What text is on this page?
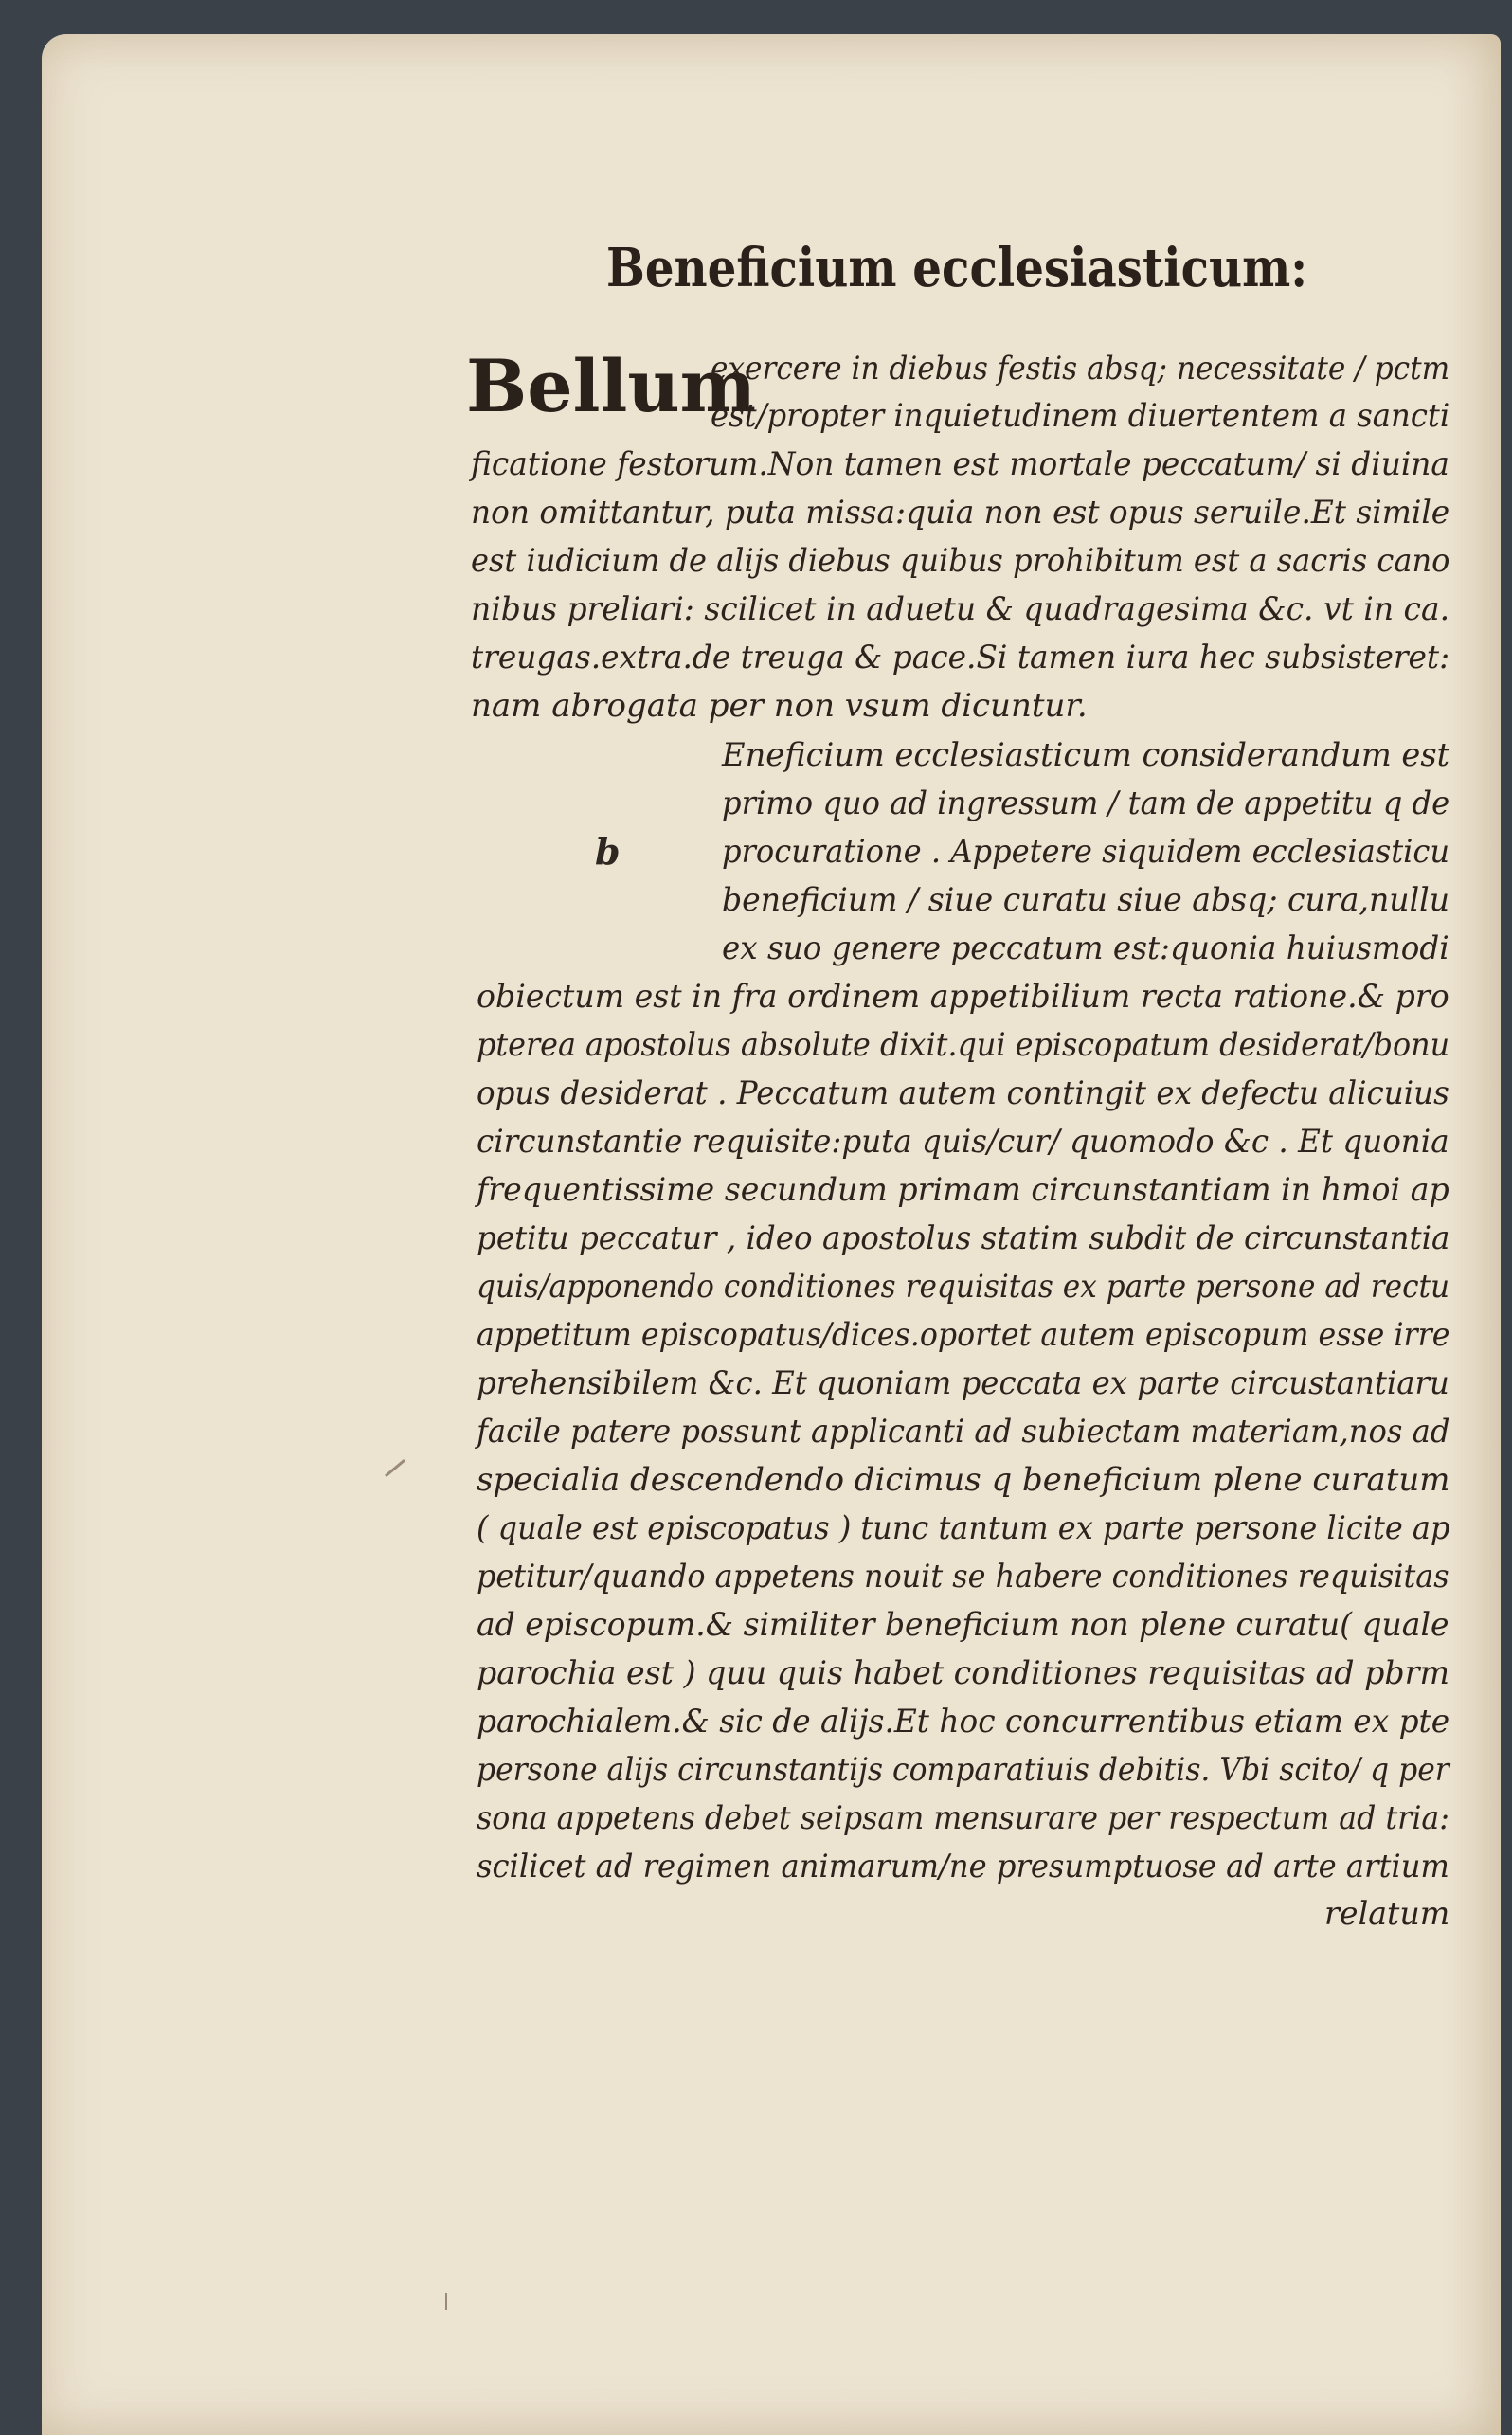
Beneficium ecclesiasticum:
Bellum
b
exercere in diebus festis absq; necessitate / pctm
est/propter inquietudinem diuertentem a sancti
ficatione festorum.Non tamen est mortale peccatum/ si diuina
non omittantur, puta missa:quia non est opus seruile.Et simile
est iudicium de alijs diebus quibus prohibitum est a sacris cano
nibus preliari: scilicet in aduetu & quadragesima &c. vt in ca.
treugas.extra.de treuga & pace.Si tamen iura hec subsisteret:
nam abrogata per non vsum dicuntur.
Eneficium ecclesiasticum considerandum est
primo quo ad ingressum / tam de appetitu q de
procuratione . Appetere siquidem ecclesiasticu
beneficium / siue curatu siue absq; cura,nullu
ex suo genere peccatum est:quonia huiusmodi
obiectum est in fra ordinem appetibilium recta ratione.& pro
pterea apostolus absolute dixit.qui episcopatum desiderat/bonu
opus desiderat . Peccatum autem contingit ex defectu alicuius
circunstantie requisite:puta quis/cur/ quomodo &c . Et quonia
frequentissime secundum primam circunstantiam in hmoi ap
petitu peccatur , ideo apostolus statim subdit de circunstantia
quis/apponendo conditiones requisitas ex parte persone ad rectu
appetitum episcopatus/dices.oportet autem episcopum esse irre
prehensibilem &c. Et quoniam peccata ex parte circustantiaru
facile patere possunt applicanti ad subiectam materiam,nos ad
specialia descendendo dicimus q beneficium plene curatum
( quale est episcopatus ) tunc tantum ex parte persone licite ap
petitur/quando appetens nouit se habere conditiones requisitas
ad episcopum.& similiter beneficium non plene curatu( quale
parochia est ) quu quis habet conditiones requisitas ad pbrm
parochialem.& sic de alijs.Et hoc concurrentibus etiam ex pte
persone alijs circunstantijs comparatiuis debitis. Vbi scito/ q per
sona appetens debet seipsam mensurare per respectum ad tria:
scilicet ad regimen animarum/ne presumptuose ad arte artium
relatum
